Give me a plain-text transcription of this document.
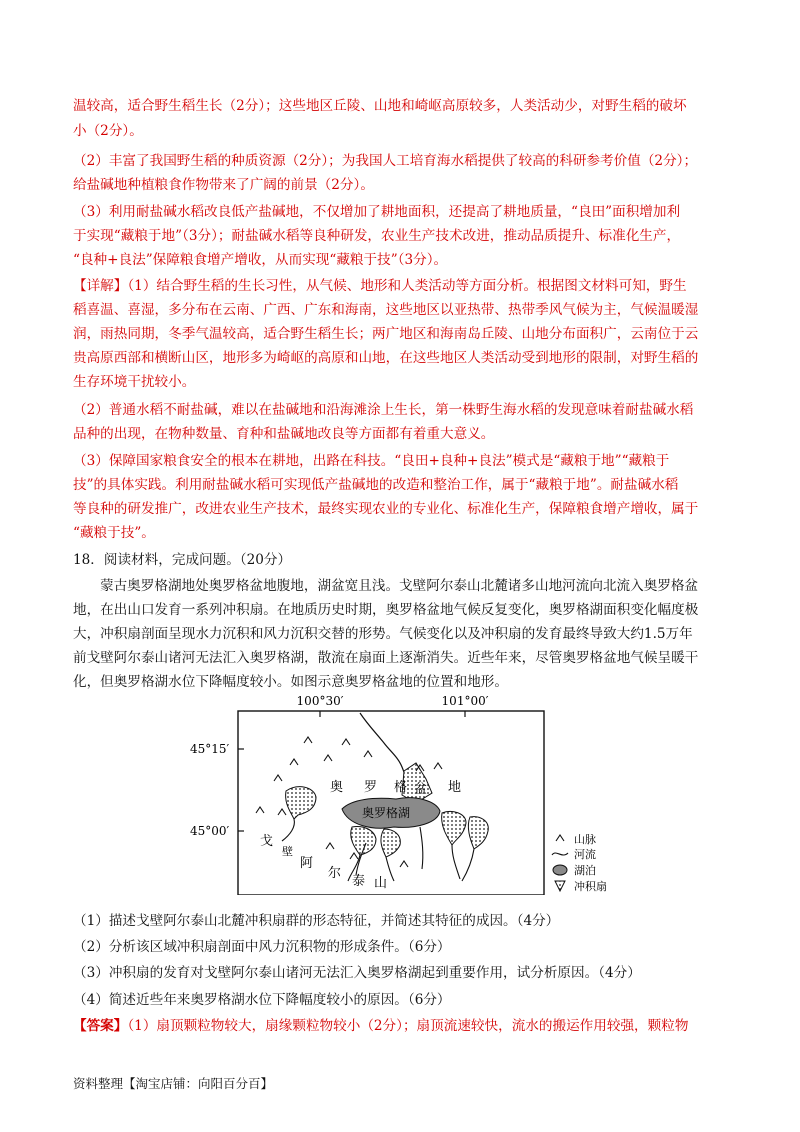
温较高，适合野生稻生长（2分）；这些地区丘陵、山地和崎岖高原较多，人类活动少，对野生稻的破坏
小（2分）。
（2）丰富了我国野生稻的种质资源（2分）；为我国人工培育海水稻提供了较高的科研参考价值（2分）；
给盐碱地种植粮食作物带来了广阔的前景（2分）。
（3）利用耐盐碱水稻改良低产盐碱地，不仅增加了耕地面积，还提高了耕地质量，“良田”面积增加利
于实现“藏粮于地”（3分）；耐盐碱水稻等良种研发，农业生产技术改进，推动品质提升、标准化生产，
“良种+良法”保障粮食增产增收，从而实现“藏粮于技”（3分）。
【详解】（1）结合野生稻的生长习性，从气候、地形和人类活动等方面分析。根据图文材料可知，野生
稻喜温、喜湿，多分布在云南、广西、广东和海南，这些地区以亚热带、热带季风气候为主，气候温暖湿
润，雨热同期，冬季气温较高，适合野生稻生长；两广地区和海南岛丘陵、山地分布面积广，云南位于云
贵高原西部和横断山区，地形多为崎岖的高原和山地，在这些地区人类活动受到地形的限制，对野生稻的
生存环境干扰较小。
（2）普通水稻不耐盐碱，难以在盐碱地和沿海滩涂上生长，第一株野生海水稻的发现意味着耐盐碱水稻
品种的出现，在物种数量、育种和盐碱地改良等方面都有着重大意义。
（3）保障国家粮食安全的根本在耕地，出路在科技。“良田+良种+良法”模式是“藏粮于地”“藏粮于
技”的具体实践。利用耐盐碱水稻可实现低产盐碱地的改造和整治工作，属于“藏粮于地”。耐盐碱水稻
等良种的研发推广，改进农业生产技术，最终实现农业的专业化、标准化生产，保障粮食增产增收，属于
“藏粮于技”。
18．阅读材料，完成问题。（20分）
蒙古奥罗格湖地处奥罗格盆地腹地，湖盆宽且浅。戈壁阿尔泰山北麓诸多山地河流向北流入奥罗格盆
地，在出山口发育一系列冲积扇。在地质历史时期，奥罗格盆地气候反复变化，奥罗格湖面积变化幅度极
大，冲积扇剖面呈现水力沉积和风力沉积交替的形势。气候变化以及冲积扇的发育最终导致大约1.5万年
前戈壁阿尔泰山诸河无法汇入奥罗格湖，散流在扇面上逐渐消失。近些年来，尽管奥罗格盆地气候呈暖干
化，但奥罗格湖水位下降幅度较小。如图示意奥罗格盆地的位置和地形。
100°30′	101°00′
45°15′
45°00′
奥罗格湖
奥 罗 格 盆 地
戈
壁
阿
尔
泰 山
山脉
河流
湖泊
冲积扇
（1）描述戈壁阿尔泰山北麓冲积扇群的形态特征，并简述其特征的成因。（4分）
（2）分析该区域冲积扇剖面中风力沉积物的形成条件。（6分）
（3）冲积扇的发育对戈壁阿尔泰山诸河无法汇入奥罗格湖起到重要作用，试分析原因。（4分）
（4）简述近些年来奥罗格湖水位下降幅度较小的原因。（6分）
【答案】（1）扇顶颗粒物较大，扇缘颗粒物较小（2分）；扇顶流速较快，流水的搬运作用较强，颗粒物
资料整理【淘宝店铺：向阳百分百】
